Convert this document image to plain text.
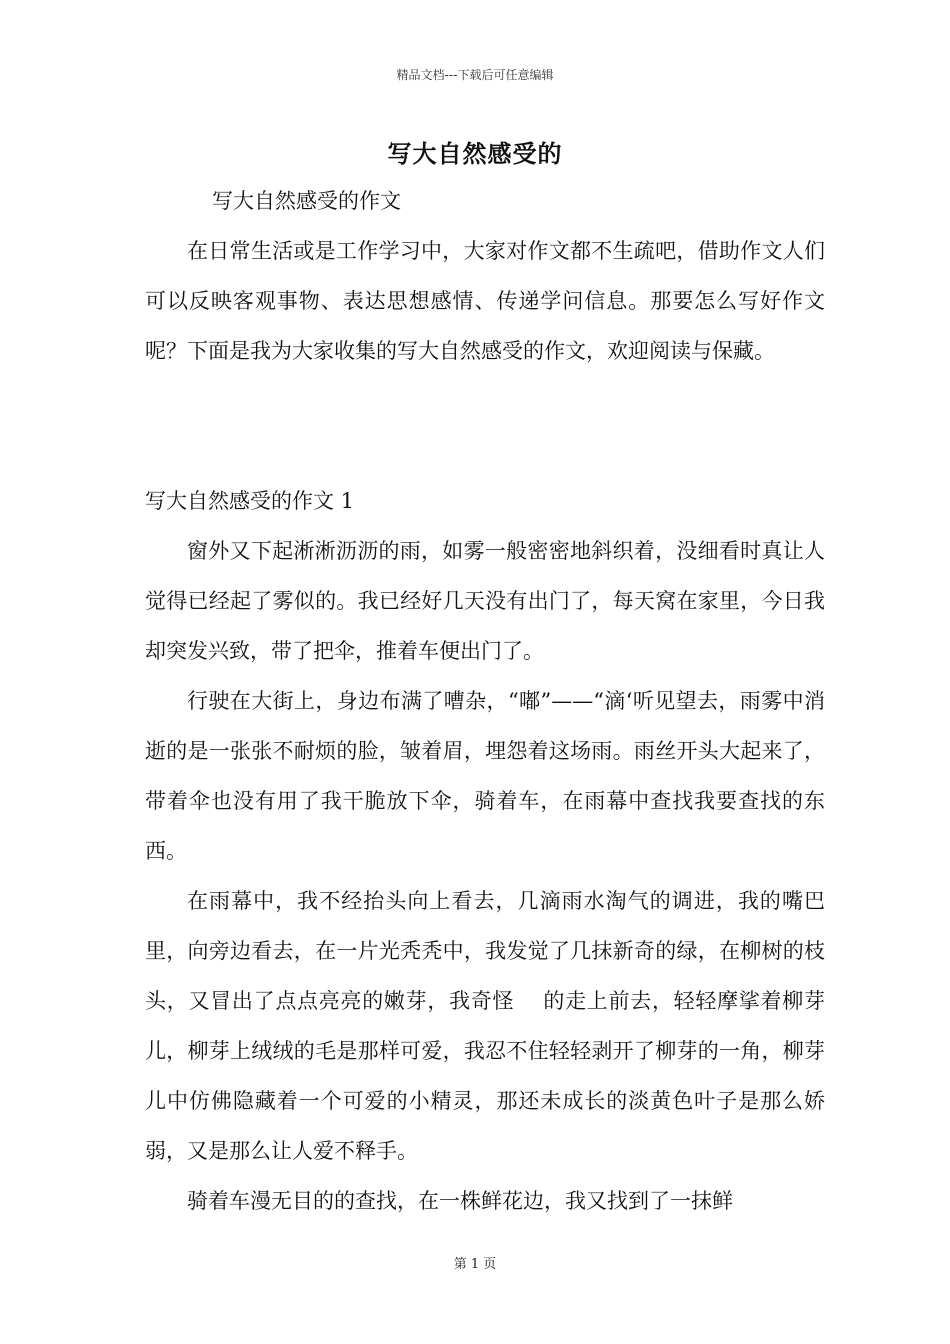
精品文档---下载后可任意编辑
写大自然感受的

写大自然感受的作文

在日常生活或是工作学习中，大家对作文都不生疏吧，借助作文人们可以反映客观事物、表达思想感情、传递学问信息。那要怎么写好作文呢？下面是我为大家收集的写大自然感受的作文，欢迎阅读与保藏。

写大自然感受的作文 1

窗外又下起淅淅沥沥的雨，如雾一般密密地斜织着，没细看时真让人觉得已经起了雾似的。我已经好几天没有出门了，每天窝在家里，今日我却突发兴致，带了把伞，推着车便出门了。

行驶在大街上，身边布满了嘈杂，“嘟”——“滴‘听见望去，雨雾中消逝的是一张张不耐烦的脸，皱着眉，埋怨着这场雨。雨丝开头大起来了，带着伞也没有用了我干脆放下伞，骑着车，在雨幕中查找我要查找的东西。

在雨幕中，我不经抬头向上看去，几滴雨水淘气的调进，我的嘴巴里，向旁边看去，在一片光秃秃中，我发觉了几抹新奇的绿，在柳树的枝头，又冒出了点点亮亮的嫩芽，我奇怪　 的走上前去，轻轻摩挲着柳芽儿，柳芽上绒绒的毛是那样可爱，我忍不住轻轻剥开了柳芽的一角，柳芽儿中仿佛隐藏着一个可爱的小精灵，那还未成长的淡黄色叶子是那么娇弱，又是那么让人爱不释手。

骑着车漫无目的的查找，在一株鲜花边，我又找到了一抹鲜

第 1 页
